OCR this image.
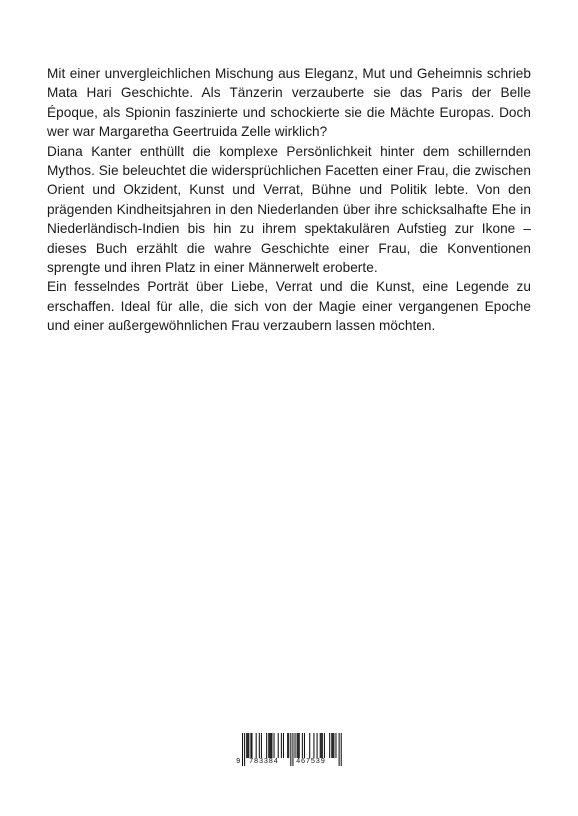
Mit einer unvergleichlichen Mischung aus Eleganz, Mut und Geheimnis schrieb Mata Hari Geschichte. Als Tänzerin verzauberte sie das Paris der Belle Époque, als Spionin faszinierte und schockierte sie die Mächte Europas. Doch wer war Margaretha Geertruida Zelle wirklich?

Diana Kanter enthüllt die komplexe Persönlichkeit hinter dem schillernden Mythos. Sie beleuchtet die widersprüchlichen Facetten einer Frau, die zwischen Orient und Okzident, Kunst und Verrat, Bühne und Politik lebte. Von den prägenden Kindheitsjahren in den Niederlanden über ihre schicksalhafte Ehe in Niederländisch-Indien bis hin zu ihrem spektakulären Aufstieg zur Ikone – dieses Buch erzählt die wahre Geschichte einer Frau, die Konventionen sprengte und ihren Platz in einer Männerwelt eroberte.

Ein fesselndes Porträt über Liebe, Verrat und die Kunst, eine Legende zu erschaffen. Ideal für alle, die sich von der Magie einer vergangenen Epoche und einer außergewöhnlichen Frau verzaubern lassen möchten.

9 783384 467539
